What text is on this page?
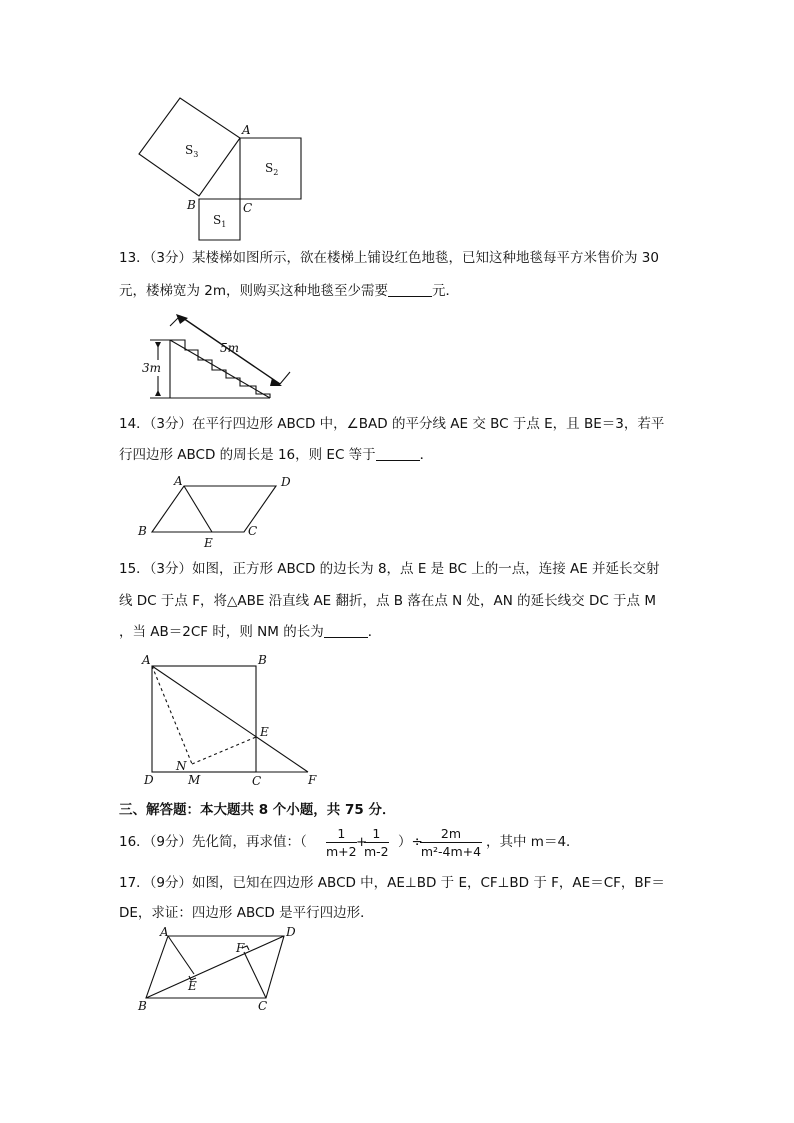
$S_3$
$S_2$
$S_1$
A
B	C
13．（3分）某楼梯如图所示，欲在楼梯上铺设红色地毯，已知这种地毯每平方米售价为 30
元，楼梯宽为 2m，则购买这种地毯至少需要	元．
3m
5m
14．（3分）在平行四边形 ABCD 中，∠BAD 的平分线 AE 交 BC 于点 E，且 BE＝3，若平
行四边形 ABCD 的周长是 16，则 EC 等于	．
A	D
B	C
E
15．（3分）如图，正方形 ABCD 的边长为 8，点 E 是 BC 上的一点，连接 AE 并延长交射
线 DC 于点 F，将△ABE 沿直线 AE 翻折，点 B 落在点 N 处，AN 的延长线交 DC 于点 M
，当 AB＝2CF 时，则 NM 的长为	．
A	B
E
N
D	M	C	F
三、解答题：本大题共 8 个小题，共 75 分．
16．（9分）先化简，再求值：（ $\frac{1}{m+2}$ +
$\frac{1}{m-2}$ ）÷
$\frac{2m}{\text{m²-4m+4}}$ ，其中 m＝4．
17．（9分）如图，已知在四边形 ABCD 中，AE⊥BD 于 E，CF⊥BD 于 F，AE＝CF，BF＝
DE，求证：四边形 ABCD 是平行四边形．
A	D
F
E
B	C
